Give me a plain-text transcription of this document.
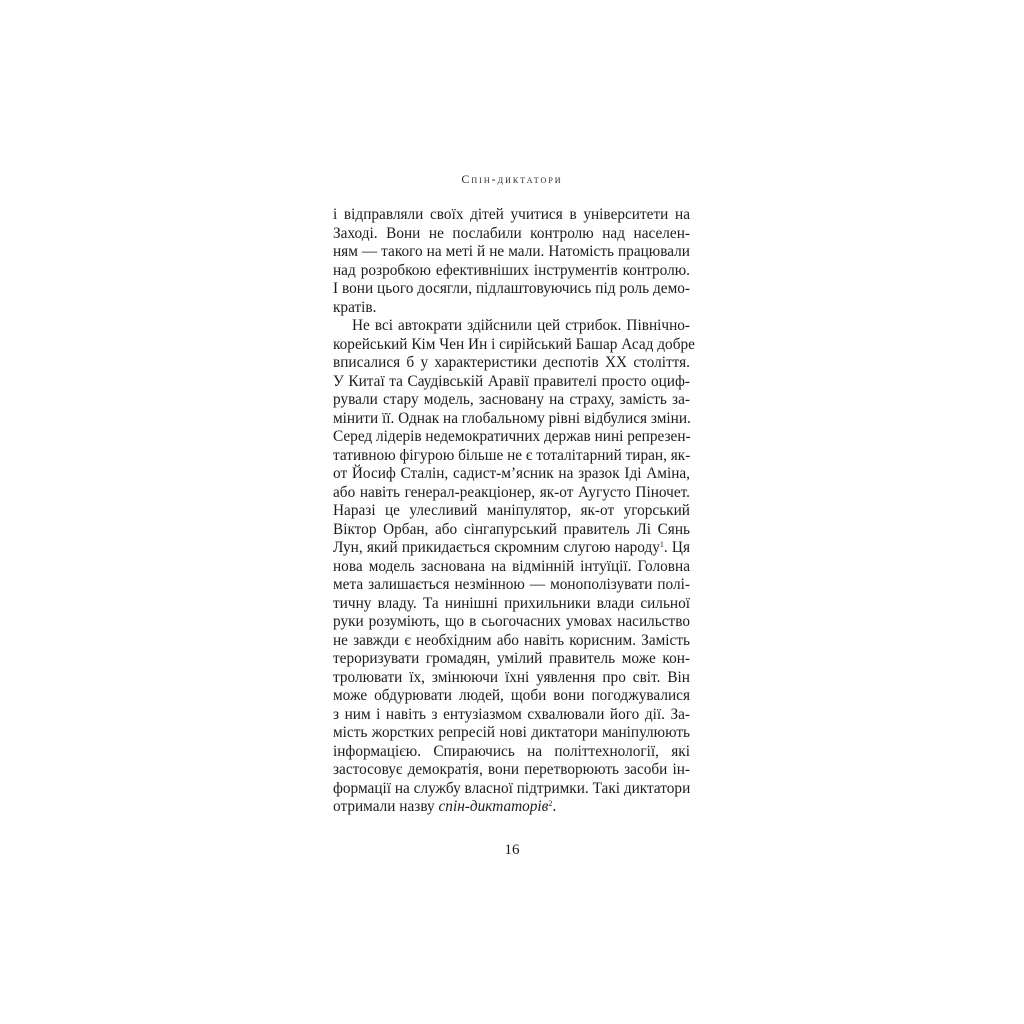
Спін-диктатори
і відправляли своїх дітей учитися в університети на
Заході. Вони не послабили контролю над населен-
ням — такого на меті й не мали. Натомість працювали
над розробкою ефективніших інструментів контролю.
І вони цього досягли, підлаштовуючись під роль демо-
кратів.
Не всі автократи здійснили цей стрибок. Північно-
корейський Кім Чен Ин і сирійський Башар Асад добре
вписалися б у характеристики деспотів XX століття.
У Китаї та Саудівській Аравії правителі просто оциф-
рували стару модель, засновану на страху, замість за-
мінити її. Однак на глобальному рівні відбулися зміни.
Серед лідерів недемократичних держав нині репрезен-
тативною фігурою більше не є тоталітарний тиран, як-
от Йосиф Сталін, садист-м’ясник на зразок Іді Аміна,
або навіть генерал-реакціонер, як-от Аугусто Піночет.
Наразі це улесливий маніпулятор, як-от угорський
Віктор Орбан, або сінгапурський правитель Лі Сянь
Лун, який прикидається скромним слугою народу$^1$. Ця
нова модель заснована на відмінній інтуїції. Головна
мета залишається незмінною — монополізувати полі-
тичну владу. Та нинішні прихильники влади сильної
руки розуміють, що в сьогочасних умовах насильство
не завжди є необхідним або навіть корисним. Замість
тероризувати громадян, умілий правитель може кон-
тролювати їх, змінюючи їхні уявлення про світ. Він
може обдурювати людей, щоби вони погоджувалися
з ним і навіть з ентузіазмом схвалювали його дії. За-
мість жорстких репресій нові диктатори маніпулюють
інформацією. Спираючись на політтехнології, які
застосовує демократія, вони перетворюють засоби ін-
формації на службу власної підтримки. Такі диктатори
отримали назву спін-диктаторів$^2$.
16
